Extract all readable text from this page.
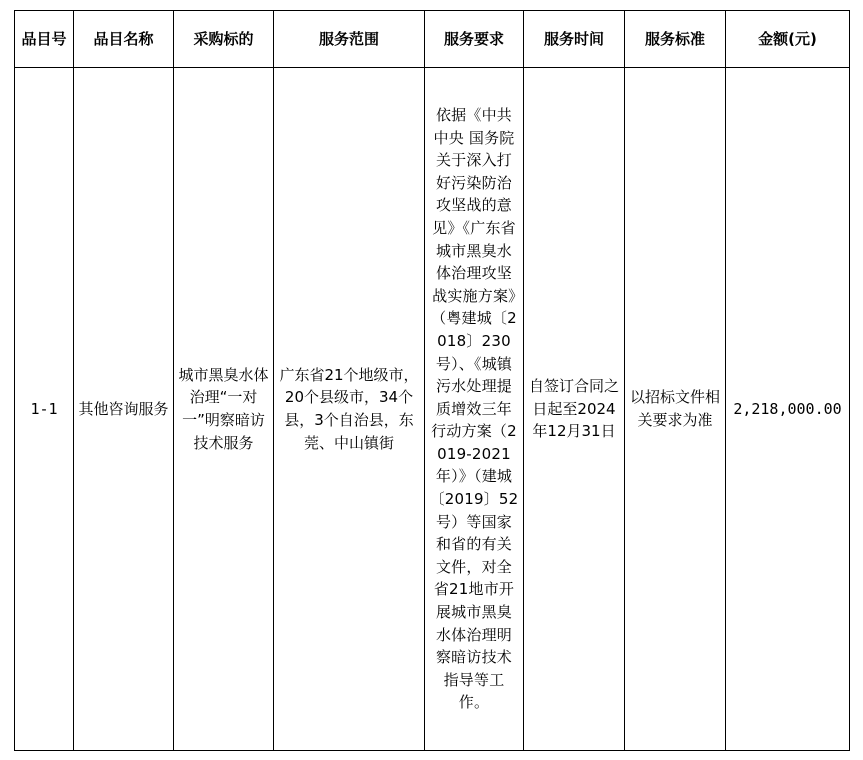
品目号	品目名称	采购标的	服务范围	服务要求	服务时间	服务标准	金额(元)
1-1	其他咨询服务	城市黑臭水体治理“一对一”明察暗访技术服务	广东省21个地级市，20个县级市，34个县，3个自治县，东莞、中山镇街	依据《中共中央 国务院关于深入打好污染防治攻坚战的意见》《广东省城市黑臭水体治理攻坚战实施方案》（粤建城〔2018〕230号）、《城镇污水处理提质增效三年行动方案（2019-2021年）》（建城〔2019〕52号）等国家和省的有关文件，对全省21地市开展城市黑臭水体治理明察暗访技术指导等工作。	自签订合同之日起至2024年12月31日	以招标文件相关要求为准	2,218,000.00
